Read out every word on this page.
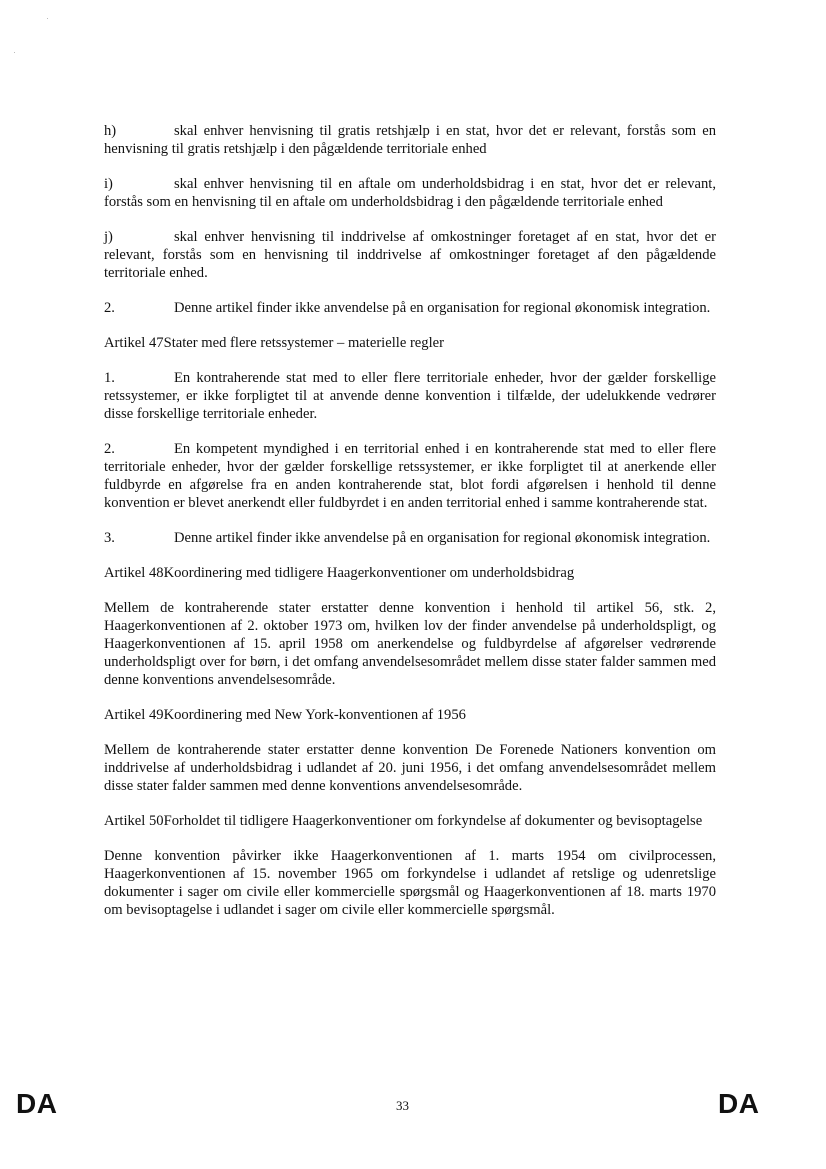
h)	skal enhver henvisning til gratis retshjælp i en stat, hvor det er relevant, forstås som en henvisning til gratis retshjælp i den pågældende territoriale enhed

i)	skal enhver henvisning til en aftale om underholdsbidrag i en stat, hvor det er relevant, forstås som en henvisning til en aftale om underholdsbidrag i den pågældende territoriale enhed

j)	skal enhver henvisning til inddrivelse af omkostninger foretaget af en stat, hvor det er relevant, forstås som en henvisning til inddrivelse af omkostninger foretaget af den pågældende territoriale enhed.

2.	Denne artikel finder ikke anvendelse på en organisation for regional økonomisk integration.

Artikel 47Stater med flere retssystemer – materielle regler

1.	En kontraherende stat med to eller flere territoriale enheder, hvor der gælder forskellige retssystemer, er ikke forpligtet til at anvende denne konvention i tilfælde, der udelukkende vedrører disse forskellige territoriale enheder.

2.	En kompetent myndighed i en territorial enhed i en kontraherende stat med to eller flere territoriale enheder, hvor der gælder forskellige retssystemer, er ikke forpligtet til at anerkende eller fuldbyrde en afgørelse fra en anden kontraherende stat, blot fordi afgørelsen i henhold til denne konvention er blevet anerkendt eller fuldbyrdet i en anden territorial enhed i samme kontraherende stat.

3.	Denne artikel finder ikke anvendelse på en organisation for regional økonomisk integration.

Artikel 48Koordinering med tidligere Haagerkonventioner om underholdsbidrag

Mellem de kontraherende stater erstatter denne konvention i henhold til artikel 56, stk. 2, Haagerkonventionen af 2. oktober 1973 om, hvilken lov der finder anvendelse på underholdspligt, og Haagerkonventionen af 15. april 1958 om anerkendelse og fuldbyrdelse af afgørelser vedrørende underholdspligt over for børn, i det omfang anvendelsesområdet mellem disse stater falder sammen med denne konventions anvendelsesområde.

Artikel 49Koordinering med New York-konventionen af 1956

Mellem de kontraherende stater erstatter denne konvention De Forenede Nationers konvention om inddrivelse af underholdsbidrag i udlandet af 20. juni 1956, i det omfang anvendelsesområdet mellem disse stater falder sammen med denne konventions anvendelsesområde.

Artikel 50Forholdet til tidligere Haagerkonventioner om forkyndelse af dokumenter og bevisoptagelse

Denne konvention påvirker ikke Haagerkonventionen af 1. marts 1954 om civilprocessen, Haagerkonventionen af 15. november 1965 om forkyndelse i udlandet af retslige og udenretslige dokumenter i sager om civile eller kommercielle spørgsmål og Haagerkonventionen af 18. marts 1970 om bevisoptagelse i udlandet i sager om civile eller kommercielle spørgsmål.

DA	33	DA
